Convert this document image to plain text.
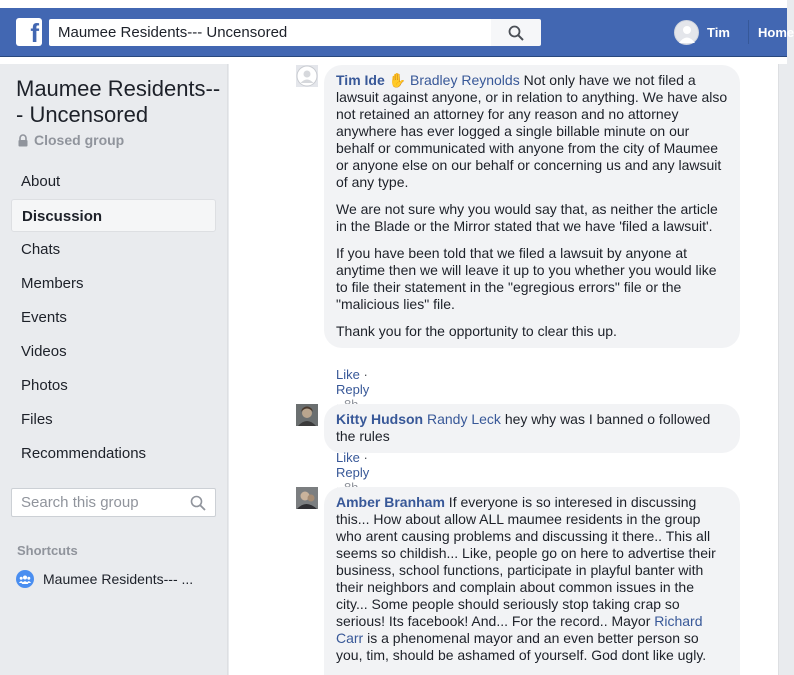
f	Maumee Residents--- Uncensored	Tim Home
Maumee Residents--- Uncensored
Closed group
About
Discussion
Chats
Members
Events
Videos
Photos
Files
Recommendations
Search this group
Shortcuts
Maumee Residents--- ...

Tim Ide ✋ Bradley Reynolds Not only have we not filed a lawsuit against anyone, or in relation to anything. We have also not retained an attorney for any reason and no attorney anywhere has ever logged a single billable minute on our behalf or communicated with anyone from the city of Maumee or anyone else on our behalf or concerning us and any lawsuit of any type.

We are not sure why you would say that, as neither the article in the Blade or the Mirror stated that we have 'filed a lawsuit'.

If you have been told that we filed a lawsuit by anyone at anytime then we will leave it up to you whether you would like to file their statement in the "egregious errors" file or the "malicious lies" file.

Thank you for the opportunity to clear this up.

Like · Reply
Kitty Hudson Randy Leck hey why was I banned o followed the rules
Like · Reply
Amber Branham If everyone is so interesed in discussing this... How about allow ALL maumee residents in the group who arent causing problems and discussing it there.. This all seems so childish... Like, people go on here to advertise their business, school functions, participate in playful banter with their neighbors and complain about common issues in the city... Some people should seriously stop taking crap so serious! Its facebook! And... For the record.. Mayor Richard Carr is a phenomenal mayor and an even better person so you, tim, should be ashamed of yourself. God dont like ugly.
